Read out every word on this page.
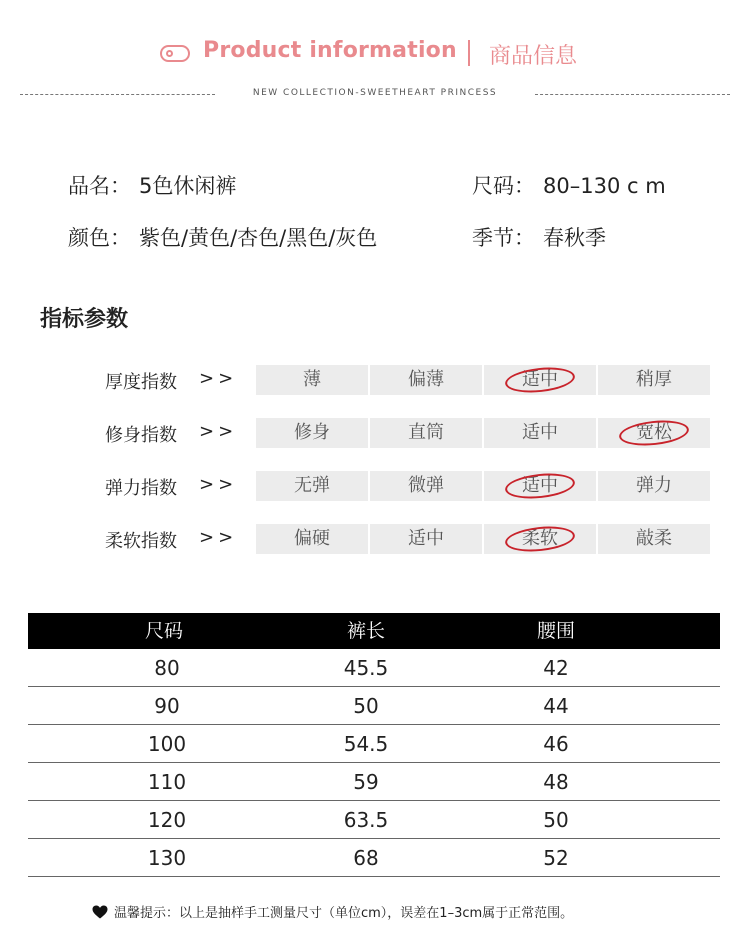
Product information 商品信息
NEW COLLECTION-SWEETHEART PRINCESS
品名： 5色休闲裤	尺码： 80–130 c m
颜色： 紫色/黄色/杏色/黑色/灰色	季节： 春秋季
指标参数
厚度指数 >>	薄	偏薄	适中	稍厚
修身指数 >>	修身	直筒	适中	宽松
弹力指数 >>	无弹	微弹	适中	弹力
柔软指数 >>	偏硬	适中	柔软	敲柔
尺码	裤长	腰围
80	45.5	42
90	50	44
100	54.5	46
110	59	48
120	63.5	50
130	68	52
温馨提示：以上是抽样手工测量尺寸（单位cm），误差在1–3cm属于正常范围。
